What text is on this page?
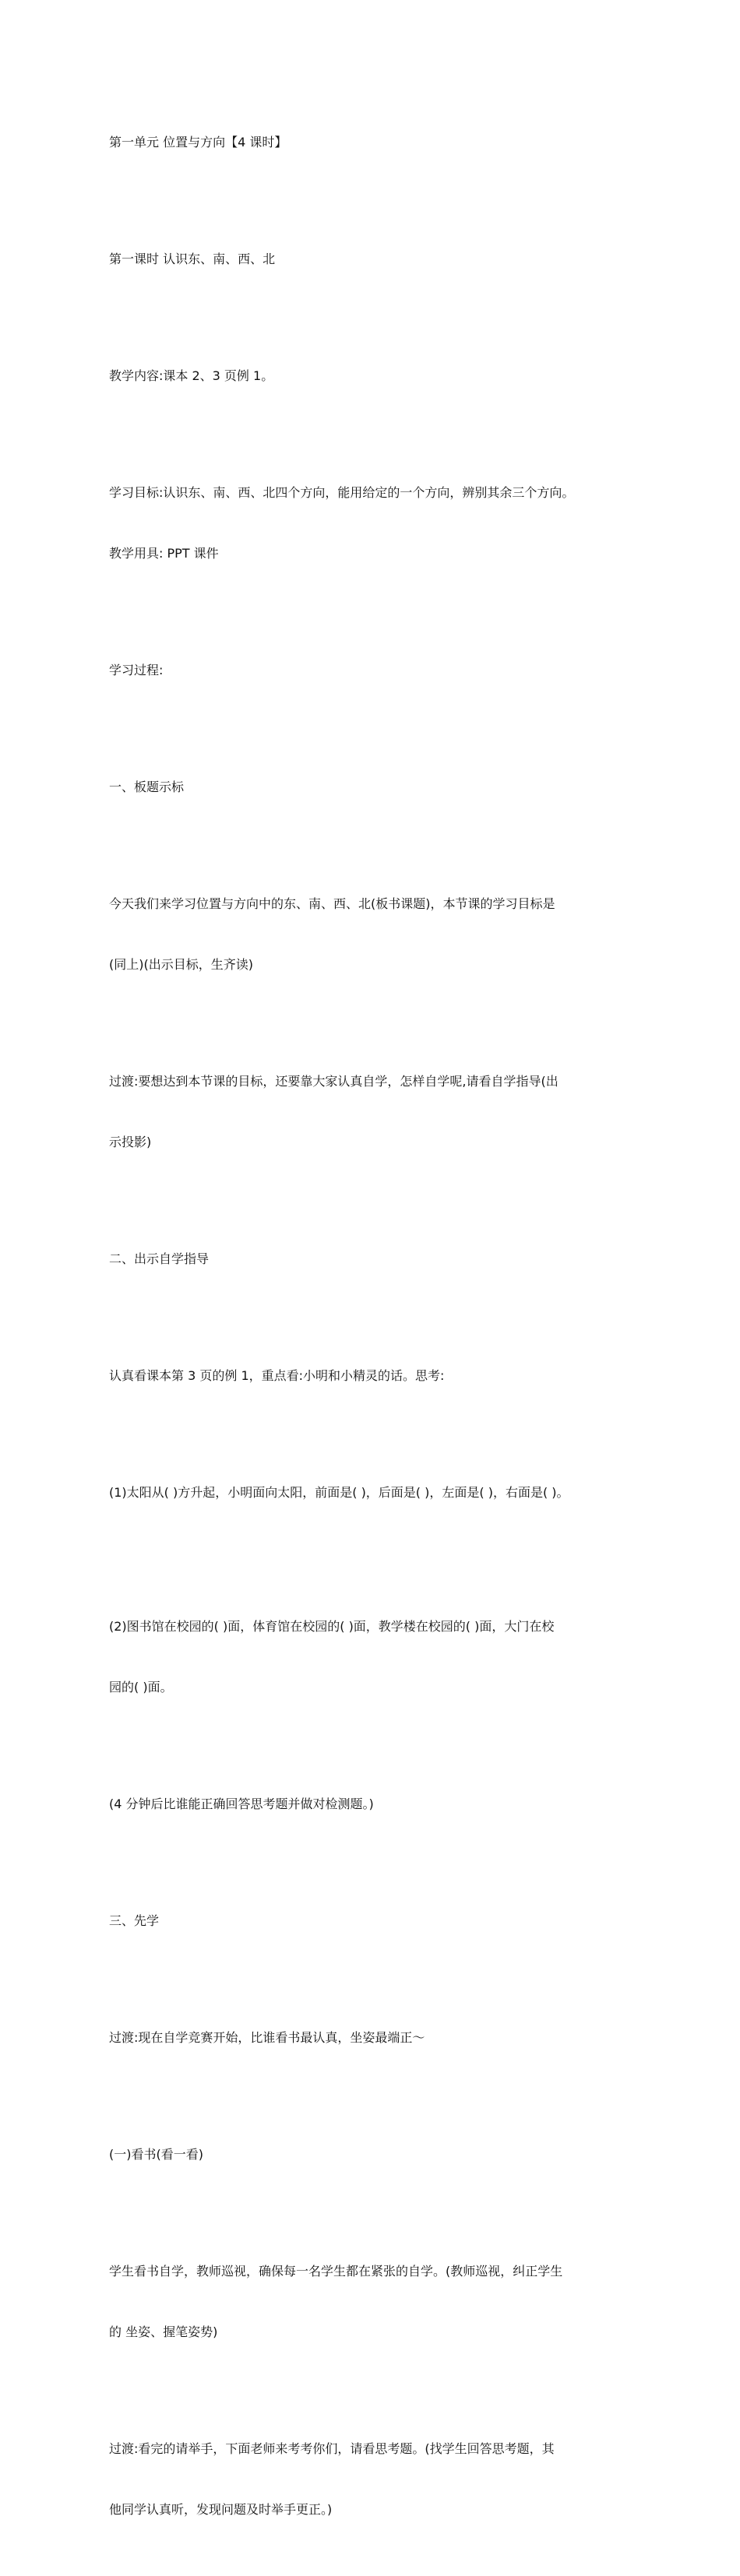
第一单元 位置与方向【4 课时】

第一课时 认识东、南、西、北

教学内容:课本 2、3 页例 1。

学习目标:认识东、南、西、北四个方向，能用给定的一个方向，辨别其余三个方向。

教学用具: PPT 课件

学习过程:

一、板题示标

今天我们来学习位置与方向中的东、南、西、北(板书课题)，本节课的学习目标是

(同上)(出示目标，生齐读)

过渡:要想达到本节课的目标，还要靠大家认真自学，怎样自学呢,请看自学指导(出

示投影)

二、出示自学指导

认真看课本第 3 页的例 1，重点看:小明和小精灵的话。思考:

(1)太阳从( )方升起，小明面向太阳，前面是( )，后面是( )，左面是( )，右面是( )。

(2)图书馆在校园的( )面，体育馆在校园的( )面，教学楼在校园的( )面，大门在校

园的( )面。

(4 分钟后比谁能正确回答思考题并做对检测题。)

三、先学

过渡:现在自学竞赛开始，比谁看书最认真，坐姿最端正～

(一)看书(看一看)

学生看书自学，教师巡视，确保每一名学生都在紧张的自学。(教师巡视，纠正学生

的 坐姿、握笔姿势)

过渡:看完的请举手，下面老师来考考你们，请看思考题。(找学生回答思考题，其

他同学认真听，发现问题及时举手更正。)
